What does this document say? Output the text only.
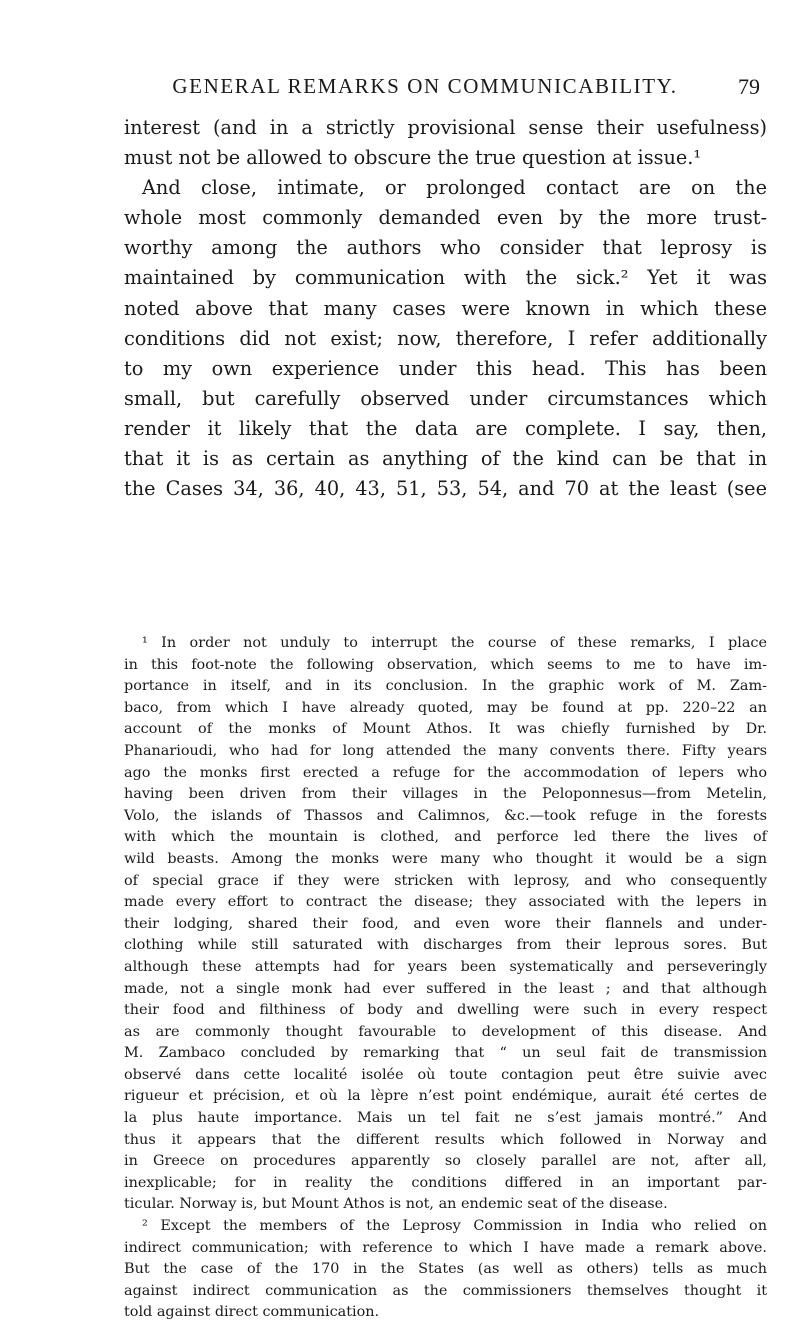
GENERAL REMARKS ON COMMUNICABILITY.	79
interest (and in a strictly provisional sense their usefulness)
must not be allowed to obscure the true question at issue.¹
And close, intimate, or prolonged contact are on the
whole most commonly demanded even by the more trust-
worthy among the authors who consider that leprosy is
maintained by communication with the sick.² Yet it was
noted above that many cases were known in which these
conditions did not exist; now, therefore, I refer additionally
to my own experience under this head. This has been
small, but carefully observed under circumstances which
render it likely that the data are complete. I say, then,
that it is as certain as anything of the kind can be that in
the Cases 34, 36, 40, 43, 51, 53, 54, and 70 at the least (see
¹ In order not unduly to interrupt the course of these remarks, I place
in this foot-note the following observation, which seems to me to have im-
portance in itself, and in its conclusion. In the graphic work of M. Zam-
baco, from which I have already quoted, may be found at pp. 220–22 an
account of the monks of Mount Athos. It was chiefly furnished by Dr.
Phanarioudi, who had for long attended the many convents there. Fifty years
ago the monks first erected a refuge for the accommodation of lepers who
having been driven from their villages in the Peloponnesus—from Metelin,
Volo, the islands of Thassos and Calimnos, &c.—took refuge in the forests
with which the mountain is clothed, and perforce led there the lives of
wild beasts. Among the monks were many who thought it would be a sign
of special grace if they were stricken with leprosy, and who consequently
made every effort to contract the disease; they associated with the lepers in
their lodging, shared their food, and even wore their flannels and under-
clothing while still saturated with discharges from their leprous sores. But
although these attempts had for years been systematically and perseveringly
made, not a single monk had ever suffered in the least ; and that although
their food and filthiness of body and dwelling were such in every respect
as are commonly thought favourable to development of this disease. And
M. Zambaco concluded by remarking that “ un seul fait de transmission
observé dans cette localité isolée où toute contagion peut être suivie avec
rigueur et précision, et où la lèpre n’est point endémique, aurait été certes de
la plus haute importance. Mais un tel fait ne s’est jamais montré.” And
thus it appears that the different results which followed in Norway and
in Greece on procedures apparently so closely parallel are not, after all,
inexplicable; for in reality the conditions differed in an important par-
ticular. Norway is, but Mount Athos is not, an endemic seat of the disease.
² Except the members of the Leprosy Commission in India who relied on
indirect communication; with reference to which I have made a remark above.
But the case of the 170 in the States (as well as others) tells as much
against indirect communication as the commissioners themselves thought it
told against direct communication.
